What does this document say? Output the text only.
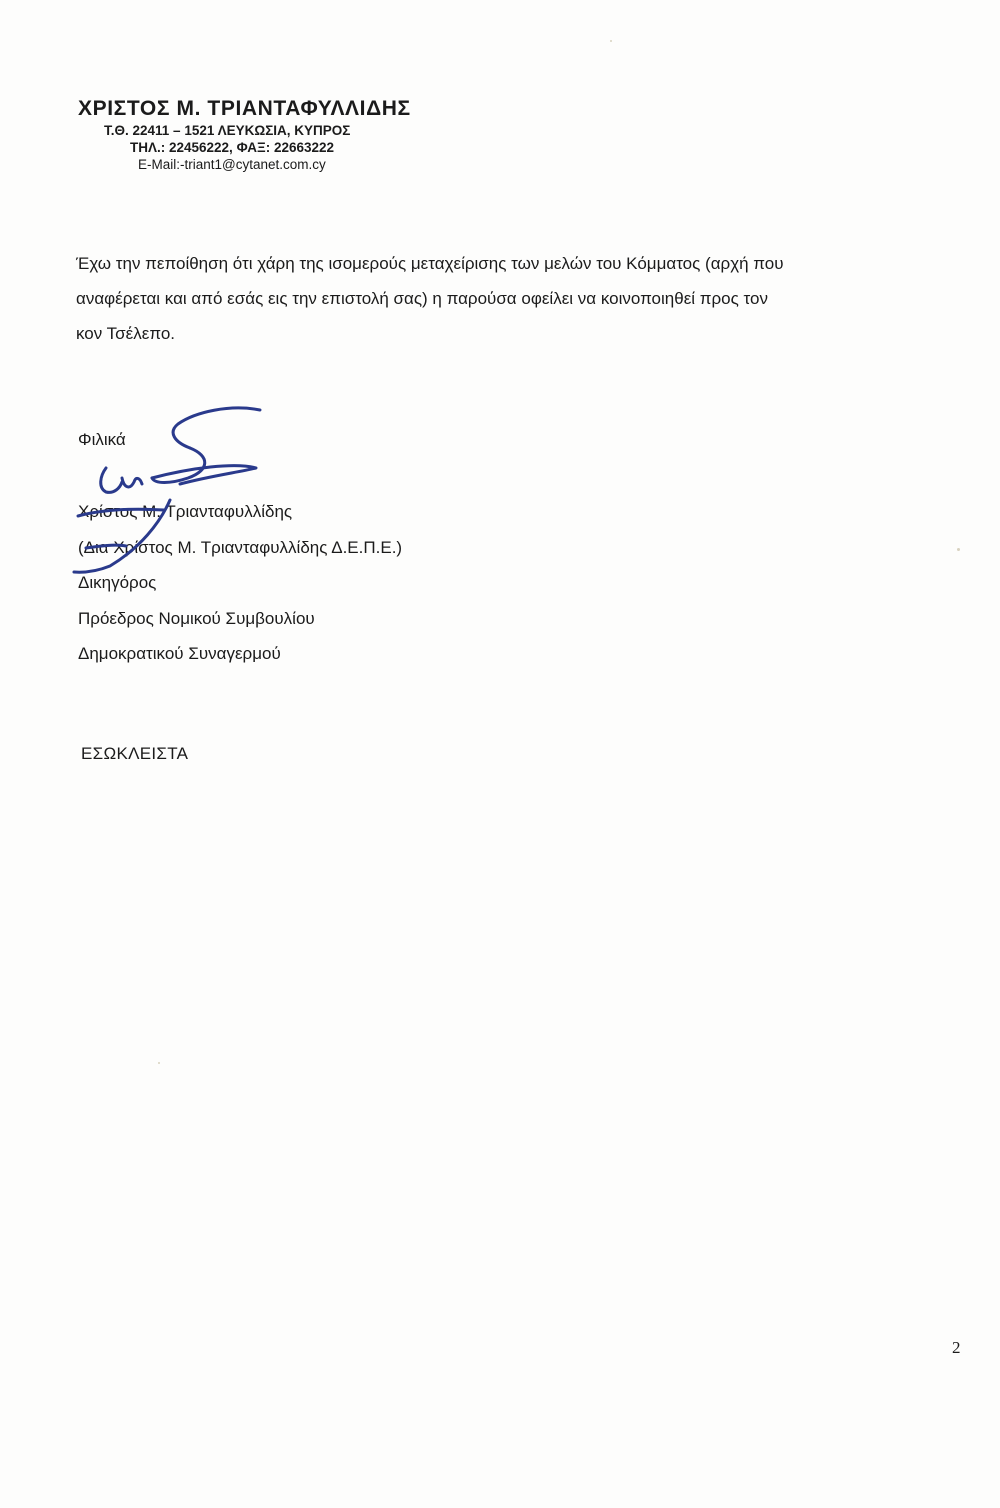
ΧΡΙΣΤΟΣ Μ. ΤΡΙΑΝΤΑΦΥΛΛΙΔΗΣ
Τ.Θ. 22411 – 1521 ΛΕΥΚΩΣΙΑ, ΚΥΠΡΟΣ
ΤΗΛ.: 22456222, ΦΑΞ: 22663222
E-Mail:-triant1@cytanet.com.cy

Έχω την πεποίθηση ότι χάρη της ισομερούς μεταχείρισης των μελών του Κόμματος (αρχή που

αναφέρεται και από εσάς εις την επιστολή σας) η παρούσα οφείλει να κοινοποιηθεί προς τον

κον Τσέλεπο.

Φιλικά
Χρίστος Μ. Τριανταφυλλίδης
(Δια Χρίστος Μ. Τριανταφυλλίδης Δ.Ε.Π.Ε.)
Δικηγόρος
Πρόεδρος Νομικού Συμβουλίου
Δημοκρατικού Συναγερμού
ΕΣΩΚΛΕΙΣΤΑ
2
